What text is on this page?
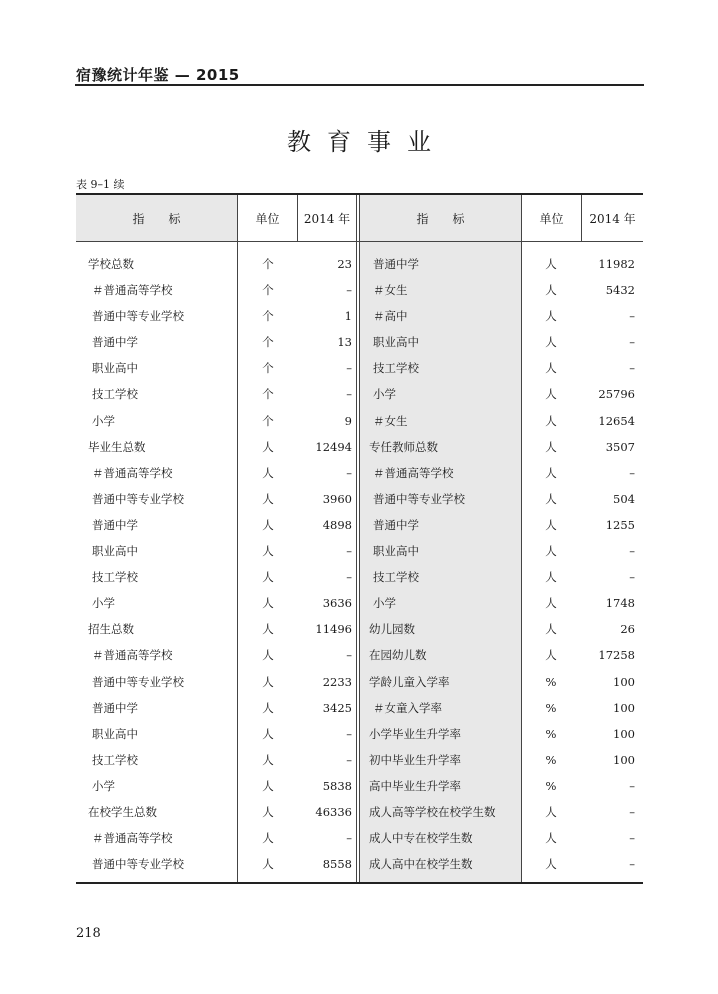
宿豫统计年鉴 — 2015
教育事业
表 9–1 续
指　　标	单位	2014 年	指　　标	单位	2014 年
学校总数	个	23 普通中学	人	11982
＃普通高等学校	个	– ＃女生	人	5432
普通中等专业学校	个	1 ＃高中	人	–
普通中学	个	13 职业高中	人	–
职业高中	个	– 技工学校	人	–
技工学校	个	– 小学	人	25796
小学	个	9 ＃女生	人	12654
毕业生总数	人	12494 专任教师总数	人	3507
＃普通高等学校	人	– ＃普通高等学校	人	–
普通中等专业学校	人	3960 普通中等专业学校	人	504
普通中学	人	4898 普通中学	人	1255
职业高中	人	– 职业高中	人	–
技工学校	人	– 技工学校	人	–
小学	人	3636 小学	人	1748
招生总数	人	11496 幼儿园数	人	26
＃普通高等学校	人	– 在园幼儿数	人	17258
普通中等专业学校	人	2233 学龄儿童入学率	%	100
普通中学	人	3425 ＃女童入学率	%	100
职业高中	人	– 小学毕业生升学率	%	100
技工学校	人	– 初中毕业生升学率	%	100
小学	人	5838 高中毕业生升学率	%	–
在校学生总数	人	46336 成人高等学校在校学生数	人	–
＃普通高等学校	人	– 成人中专在校学生数	人	–
普通中等专业学校	人	8558 成人高中在校学生数	人	–
218
